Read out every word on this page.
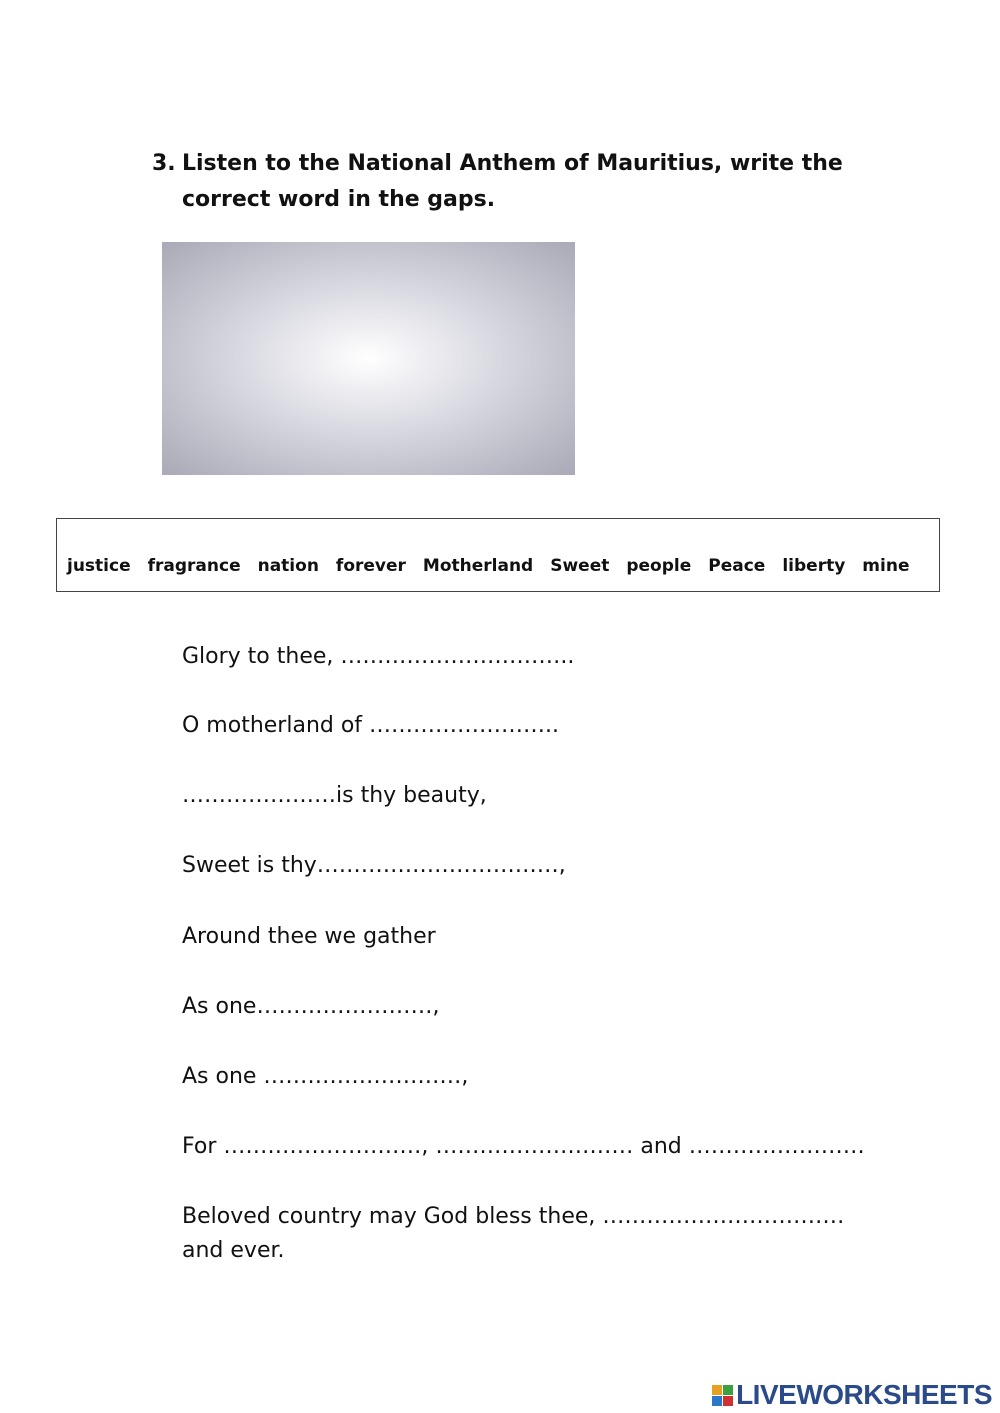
3. Listen to the National Anthem of Mauritius, write the
correct word in the gaps.
justice fragrance nation forever Motherland Sweet people Peace liberty mine

Glory to thee, …………………………..

O motherland of ……………………..

…………………is thy beauty,

Sweet is thy……………………………,

Around thee we gather

As one……………………,

As one ………………………,

For ………………………, ……………………… and ……………………

Beloved country may God bless thee, ……………………………and ever.

LIVEWORKSHEETS
